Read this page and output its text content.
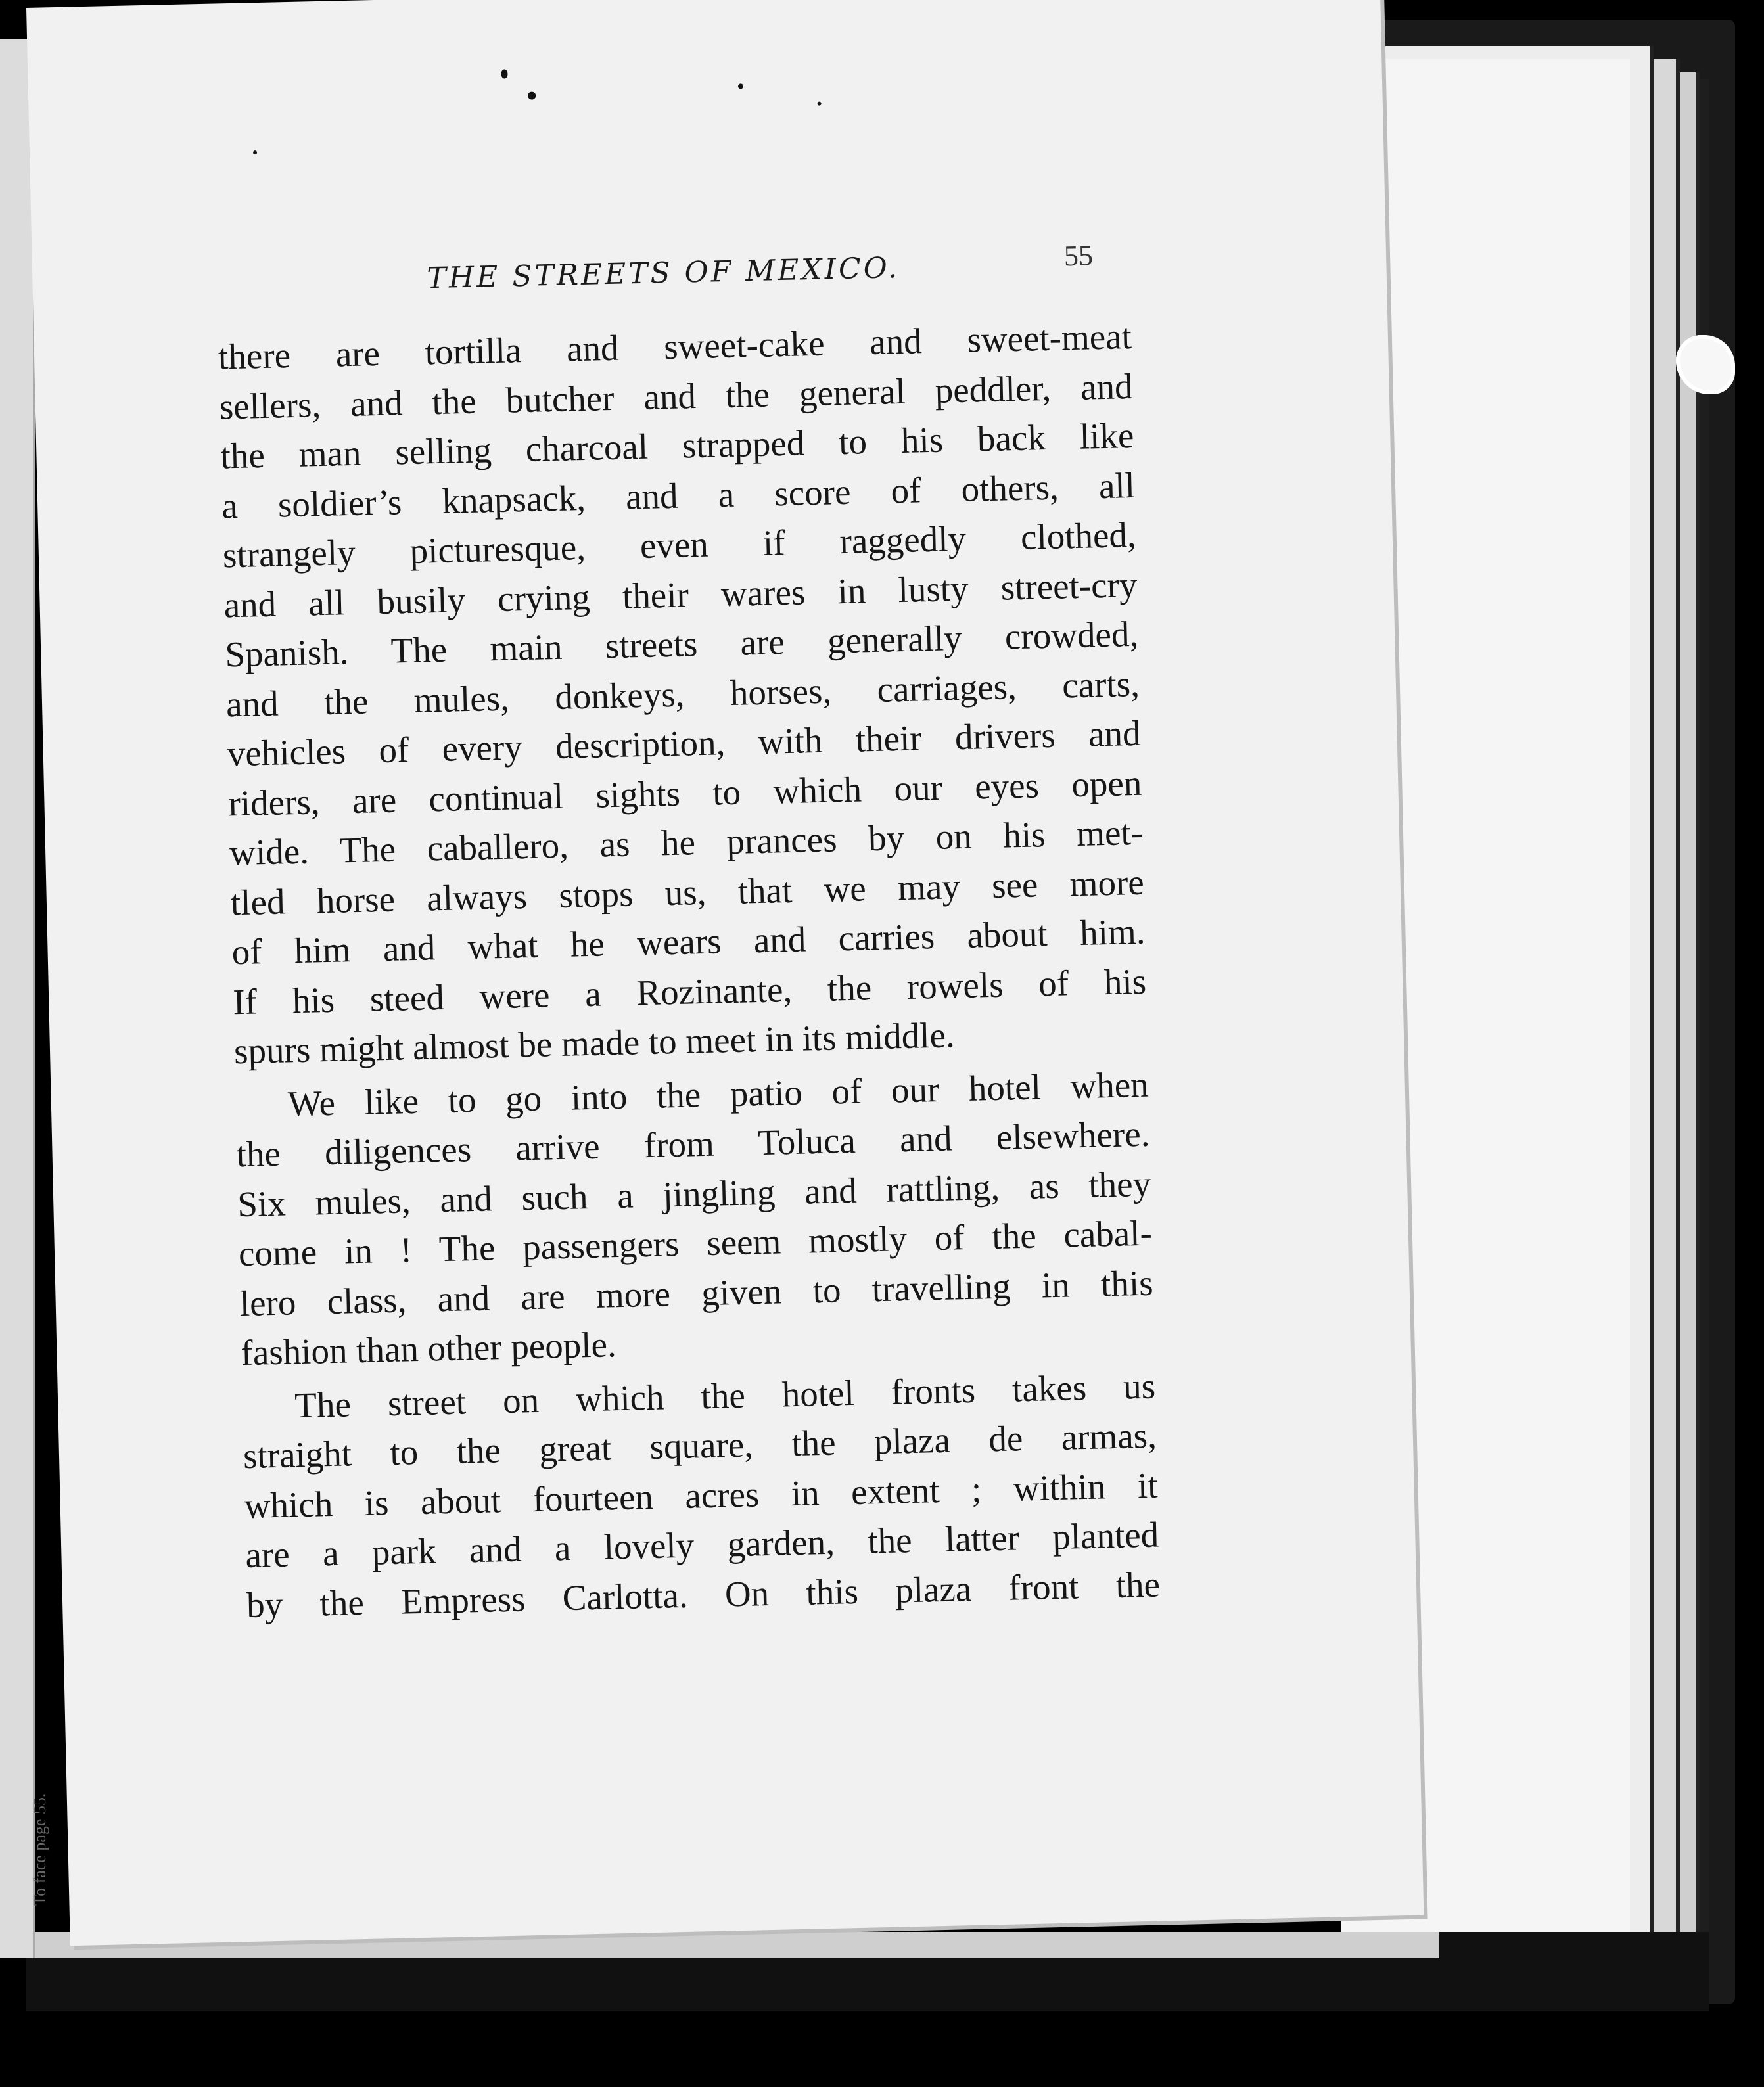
THE STREETS OF MEXICO.	55
there are tortilla and sweet-cake and sweet-meat
sellers, and the butcher and the general peddler, and
the man selling charcoal strapped to his back like
a soldier’s knapsack, and a score of others, all
strangely picturesque, even if raggedly clothed,
and all busily crying their wares in lusty street-cry
Spanish. The main streets are generally crowded,
and the mules, donkeys, horses, carriages, carts,
vehicles of every description, with their drivers and
riders, are continual sights to which our eyes open
wide. The caballero, as he prances by on his met-
tled horse always stops us, that we may see more
of him and what he wears and carries about him.
If his steed were a Rozinante, the rowels of his
spurs might almost be made to meet in its middle.
We like to go into the patio of our hotel when
the diligences arrive from Toluca and elsewhere.
Six mules, and such a jingling and rattling, as they
come in ! The passengers seem mostly of the cabal-
lero class, and are more given to travelling in this
fashion than other people.
The street on which the hotel fronts takes us
straight to the great square, the plaza de armas,
which is about fourteen acres in extent ; within it
are a park and a lovely garden, the latter planted
by the Empress Carlotta. On this plaza front the
To face page 55.
